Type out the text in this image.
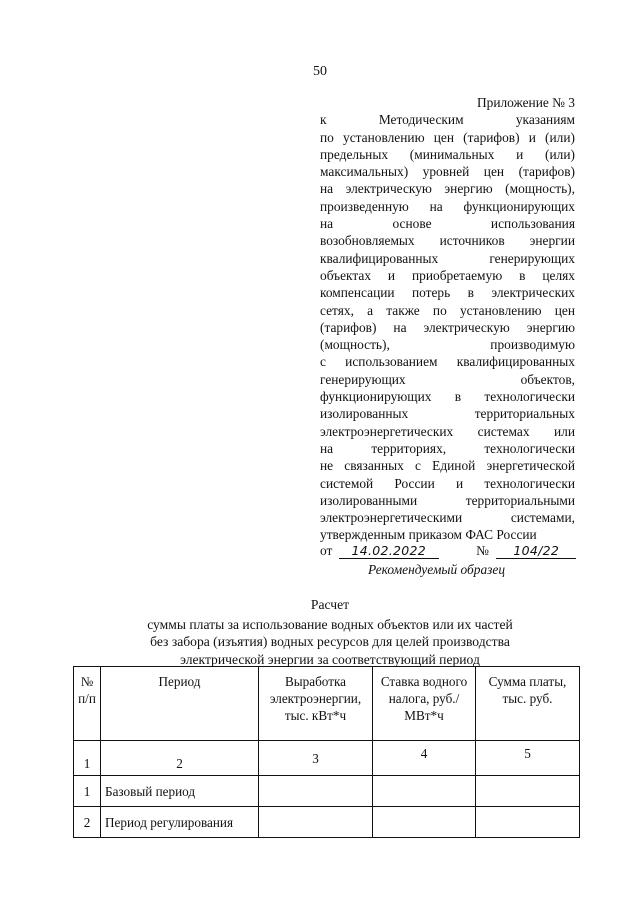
50
Приложение № 3
к Методическим указаниям
по установлению цен (тарифов) и (или)
предельных (минимальных и (или)
максимальных) уровней цен (тарифов)
на электрическую энергию (мощность),
произведенную на функционирующих
на основе использования
возобновляемых источников энергии
квалифицированных генерирующих
объектах и приобретаемую в целях
компенсации потерь в электрических
сетях, а также по установлению цен
(тарифов) на электрическую энергию
(мощность), производимую
с использованием квалифицированных
генерирующих объектов,
функционирующих в технологически
изолированных территориальных
электроэнергетических системах или
на территориях, технологически
не связанных с Единой энергетической
системой России и технологически
изолированными территориальными
электроэнергетическими системами,
утвержденным приказом ФАС России
от 14.02.2022	№ 104/22
Рекомендуемый образец
Расчет
суммы платы за использование водных объектов или их частей
без забора (изъятия) водных ресурсов для целей производства
электрической энергии за соответствующий период
№ п/п	Период	Выработка электроэнергии, тыс. кВт*ч	Ставка водного налога, руб./МВт*ч	Сумма платы, тыс. руб.
1	2	3	4	5
1	Базовый период			
2	Период регулирования			
